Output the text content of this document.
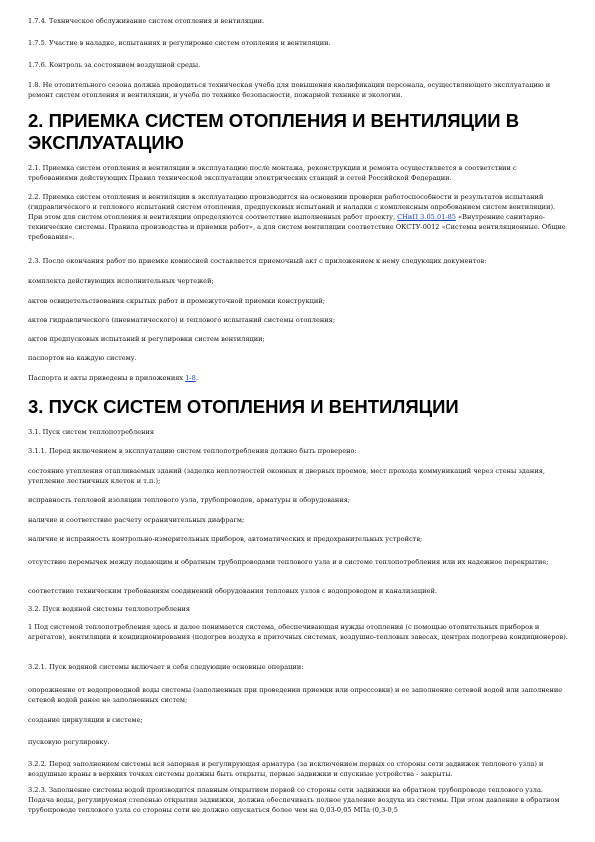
1.7.4. Техническое обслуживание систем отопления и вентиляции.
1.7.5. Участие в наладке, испытаниях и регулировке систем отопления и вентиляции.
1.7.6. Контроль за состоянием воздушной среды.
1.8. Не отопительного сезона должна проводиться техническая учеба для повышения квалификации персонала, осуществляющего эксплуатацию и ремонт систем отопления и вентиляции, и учеба по технике безопасности, пожарной технике и экологии.
2. ПРИЕМКА СИСТЕМ ОТОПЛЕНИЯ И ВЕНТИЛЯЦИИ В ЭКСПЛУАТАЦИЮ
2.1. Приемка систем отопления и вентиляции в эксплуатацию после монтажа, реконструкции и ремонта осуществляется в соответствии с требованиями действующих Правил технической эксплуатации электрических станций и сетей Российской Федерации.
2.2. Приемка систем отопления и вентиляции в эксплуатацию производится на основании проверки работоспособности и результатов испытаний (гидравлического и теплового испытаний систем отопления, предпусковых испытаний и наладки с комплексным опробованием систем вентиляции). При этом для систем отопления и вентиляции определяются соответствие выполненных работ проекту, СНиП 3.05.01-85 «Внутренние санитарно-технические системы. Правила производства и приемки работ», а для систем вентиляции соответствие ОКСТУ-0012 «Системы вентиляционные. Общие требования».
2.3. После окончания работ по приемке комиссией составляется приемочный акт с приложением к нему следующих документов:
комплекта действующих исполнительных чертежей;
актов освидетельствования скрытых работ и промежуточной приемки конструкций;
актов гидравлического (пневматического) и теплового испытаний системы отопления;
актов предпусковых испытаний и регулировки систем вентиляции;
паспортов на каждую систему.
Паспорта и акты приведены в приложениях 1-8.
3. ПУСК СИСТЕМ ОТОПЛЕНИЯ И ВЕНТИЛЯЦИИ
3.1. Пуск систем теплопотребления
3.1.1. Перед включением в эксплуатацию систем теплопотребления должно быть проверено:
состояние утепления отапливаемых зданий (заделка неплотностей оконных и дверных проемов, мест прохода коммуникаций через стены здания, утепление лестничных клеток и т.п.);
исправность тепловой изоляции теплового узла, трубопроводов, арматуры и оборудования;
наличие и соответствие расчету ограничительных диафрагм;
наличие и исправность контрольно-измерительных приборов, автоматических и предохранительных устройств;
отсутствие перемычек между подающим и обратным трубопроводами теплового узла и в системе теплопотребления или их надежное перекрытие;
соответствие техническим требованиям соединений оборудования тепловых узлов с водопроводом и канализацией.
3.2. Пуск водяной системы теплопотребления
1 Под системой теплопотребления здесь и далее понимается система, обеспечивающая нужды отопления (с помощью отопительных приборов и агрегатов), вентиляции и кондиционирования (подогрев воздуха в приточных системах, воздушно-тепловых завесах, центрах подогрева кондиционеров).
3.2.1. Пуск водяной системы включает в себя следующие основные операции:
опорожнение от водопроводной воды системы (заполненных при проведении приемки или опрессовки) и ее заполнение сетевой водой или заполнение сетевой водой ранее не заполненных систем;
создание циркуляции в системе;
пусковую регулировку.
3.2.2. Перед заполнением системы вся запорная и регулирующая арматура (за исключением первых со стороны сети задвижек теплового узла) и воздушные краны в верхних точках системы должны быть открыты, первые задвижки и спускные устройства - закрыты.
3.2.3. Заполнение системы водой производится плавным открытием первой со стороны сети задвижки на обратном трубопроводе теплового узла. Подача воды, регулируемая степенью открытия задвижки, должна обеспечивать полное удаление воздуха из системы. При этом давление в обратном трубопроводе теплового узла со стороны сети не должно опускаться более чем на 0,03-0,05 МПа (0,3-0,5
